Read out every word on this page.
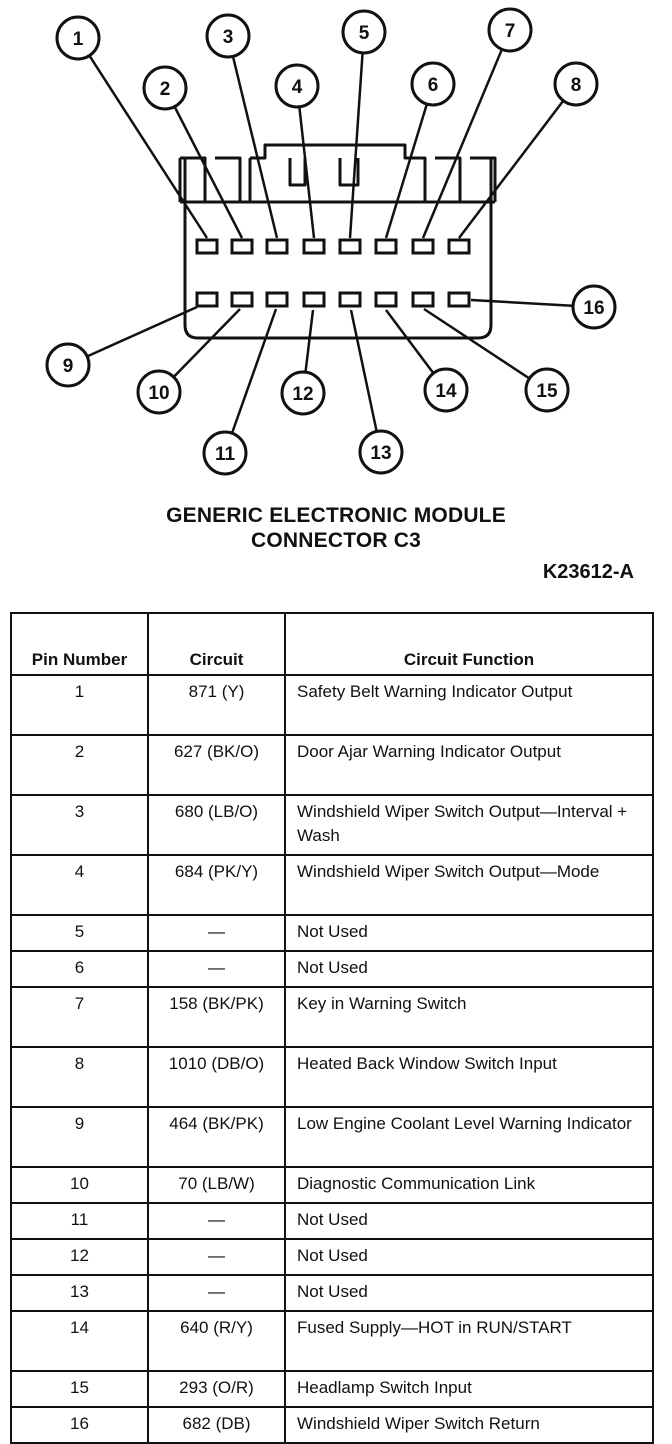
1
2
3
4
5
6
7
8
9
10
11
12
13
14	15
16
GENERIC ELECTRONIC MODULE
CONNECTOR C3
K23612-A
Pin Number	Circuit	Circuit Function
1	871 (Y)	Safety Belt Warning Indicator Output
2	627 (BK/O)	Door Ajar Warning Indicator Output
3	680 (LB/O)	Windshield Wiper Switch Output—Interval + Wash
4	684 (PK/Y)	Windshield Wiper Switch Output—Mode
5	—	Not Used
6	—	Not Used
7	158 (BK/PK)	Key in Warning Switch
8	1010 (DB/O)	Heated Back Window Switch Input
9	464 (BK/PK)	Low Engine Coolant Level Warning Indicator
10	70 (LB/W)	Diagnostic Communication Link
11	—	Not Used
12	—	Not Used
13	—	Not Used
14	640 (R/Y)	Fused Supply—HOT in RUN/START
15	293 (O/R)	Headlamp Switch Input
16	682 (DB)	Windshield Wiper Switch Return
